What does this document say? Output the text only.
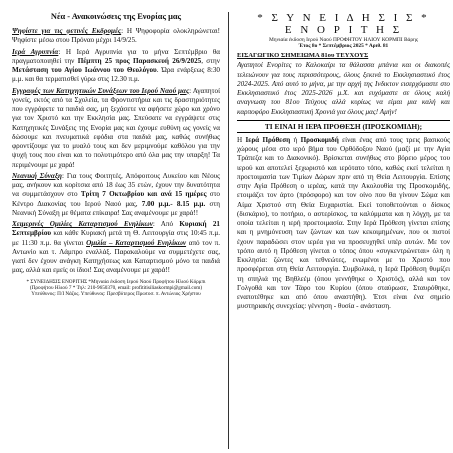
Νέα - Ανακοινώσεις της Ενορίας μας

Ψηφίστε για τις φετινές Εκδρομές: Η Ψηφοφορία ολοκληρώνεται! Ψηφίστε μέσω στου Πρόναο μέχρι 14/9/25.

Ιερά Αγρυπνία: Η Ιερά Αγρυπνία για το μήνα Σεπτέμβριο θα πραγματοποιηθεί την Πέμπτη 25 προς Παρασκευή 26/9/2025, στην Μετάσταση του Αγίου Ιωάννου του Θεολόγου. Ώρα ενάρξεως 8:30 μ.μ. και θα τερματισθεί γύρω στις 12.30 π.μ.

Εγγραφές των Κατηχητικών Συνάξεων του Ιερού Ναού μας: Αγαπητοί γονείς, εκτός από τα Σχολεία, τα Φροντιστήρια και τις δραστηριότητες που εγγράφετε τα παιδιά σας, μη ξεχάσετε να αφήσετε χώρο και χρόνο για τον Χριστό και την Εκκλησία μας. Σπεύσατε να εγγράψετε στις Κατηχητικές Συνάξεις της Ενορία μας και έχουμε ευθύνη ως γονείς να δώσουμε και πνευματικά εφόδια στα παιδιά μας, καθώς συνήθως φροντίζουμε για το μυαλό τους και δεν μεριμνούμε καθόλου για την ψυχή τους που είναι και το πολυτιμότερο από όλα μας την υπαρξη! Τα περιμένουμε με χαρά!

Νεανική Σύναξη: Για τους Φοιτητές, Απόφοιτους Λυκείου και Νέους μας, ανήκουν και κορίτσια από 18 έως 35 ετών, έχουν την δυνατότητα να συμμετάσχουν στο Τρίτη 7 Οκτωβρίου και ανά 15 ημέρες στο Κέντρο Διακονίας του Ιερού Ναού μας, 7.00 μ.μ.- 8.15 μ.μ. στη Νεανική Σύναξη με θέματα επίκαιρα! Σας αναμένουμε με χαρά!!

Χειμερινές Ομιλίες Καταρτισμού Ενηλίκων: Από Κυριακή 21 Σεπτεμβρίου και κάθε Κυριακή μετά τη Θ. Λειτουργία στις 10:45 π.μ. με 11:30 π.μ. θα γίνεται Ομιλία – Καταρτισμού Ενηλίκων από τον π. Αντωνίο και τ. Λάμπρο εναλλάξ. Παρακαλούμε να συμμετέχετε σας, γιατί δεν έχουν ανάγκη Κατηχήσεως και Καταρτισμού μόνο τα παιδιά μας, αλλά και εμείς οι ίδιοι! Σας αναμένουμε με χαρά!!

* ΣΥΝΕΙΔΗΣΙΣ ΕΝΟΡΙΤΗΣ *Μηνιαία έκδοση Ιερού Ναού Προφήτου Ηλιού Κόρμπι
(Προφήτου Ηλιού 7 * Τηλ: 210-9650370, email: profititisiliaskormpi@gmail.com)
Υπεύθυνος: Π/Ι Νάζος. Υπεύθυνος: Πρεσβύτερος Πρωτοσ. π. Αντώνιος Χρήστου
* Σ Υ Ν Ε Ι Δ Η Σ Ι Σ *
Ε Ν Ο Ρ Ι Τ Η Σ
Μηνιαία έκδοση Ιερού Ναού ΠΡΟΦΗΤΟΥ ΗΛΙΟΥ ΚΟΡΜΠΙ Βάρης
Έτος 8ο * Σεπτέμβριος 2025 * Αριθ. 81
ΕΙΣΑΓΩΓΙΚΟ ΣΗΜΕΙΩΜΑ 81ου ΤΕΥΧΟΥΣ
Αγαπητοί Ενορίτες το Καλοκαίρι τα θάλασσα μπάνια και οι διακοπές τελειώνουν για τους περισσότερους, όλους ξεκινά το Εκκλησιαστικό έτος 2024-2025. Από αυτό το μήνα, με την αρχή της Ινδικτον εισερχόμαστε στο Εκκλησιαστικό έτος 2025-2026 μ.Χ. και ευχόμαστε σε όλους καλή αναγνωση του 81ου Τεύχους αλλά κυρίως να είμαι μια καλή και καρποφόρο Εκκλησιαστική Χρονιά για όλους μας! Αμήν!
ΤΙ ΕΙΝΑΙ Η ΙΕΡΑ ΠΡΟΘΕΣΗ (ΠΡΟΣΚΟΜΙΔΗ);

Η Ιερά Πρόθεση ή Προσκομιδή είναι ένας από τους τρεις βασικούς χώρους μέσα στο ιερό βήμα του Ορθόδοξου Ναού (μαζί με την Αγία Τράπεζα και το Διακονικό). Βρίσκεται συνήθως στο βόρειο μέρος του ιερού και αποτελεί ξεχωριστό και ιερότατο τόπο, καθώς εκεί τελείται η προετοιμασία των Τιμίων Δώρων πριν από τη Θεία Λειτουργία. Επίσης στην Αγία Πρόθεση ο ιερέας, κατά την Ακολουθία της Προσκομιδής, ετοιμάζει τον άρτο (πρόσφορο) και τον οίνο που θα γίνουν Σώμα και Αίμα Χριστού στη Θεία Ευχαριστία. Εκεί τοποθετούνται ο δίσκος (δισκάριο), το ποτήριο, ο αστερίσκος, τα καλύμματα και η λόγχη, με τα οποία τελείται η ιερή προετοιμασία. Στην Ιερά Πρόθεση γίνεται επίσης και η μνημόνευση των ζώντων και των κεκοιμημένων, που οι πιστοί έχουν παραδώσει στον ιερέα για να προσευχηθεί υπέρ αυτών. Με τον τρόπο αυτό η Πρόθεση γίνεται ο τόπος όπου «συγκεντρώνεται» όλη η Εκκλησία: ζώντες και τεθνεώτες, ενωμένοι με το Χριστό που προσφέρεται στη Θεία Λειτουργία. Συμβολικά, η Ιερά Πρόθεση θυμίζει τη σπηλιά της Βηθλεέμ (όπου γεννήθηκε ο Χριστός), αλλά και τον Γολγοθά και τον Τάφο του Κυρίου (όπου σταύρωσε, Σταυρόθηκε, εναποτέθηκε και από όπου αναστήθη). Έτσι είναι ένα σημείο μυστηριακής συνεχείας: γέννηση - θυσία - ανάσταση.
